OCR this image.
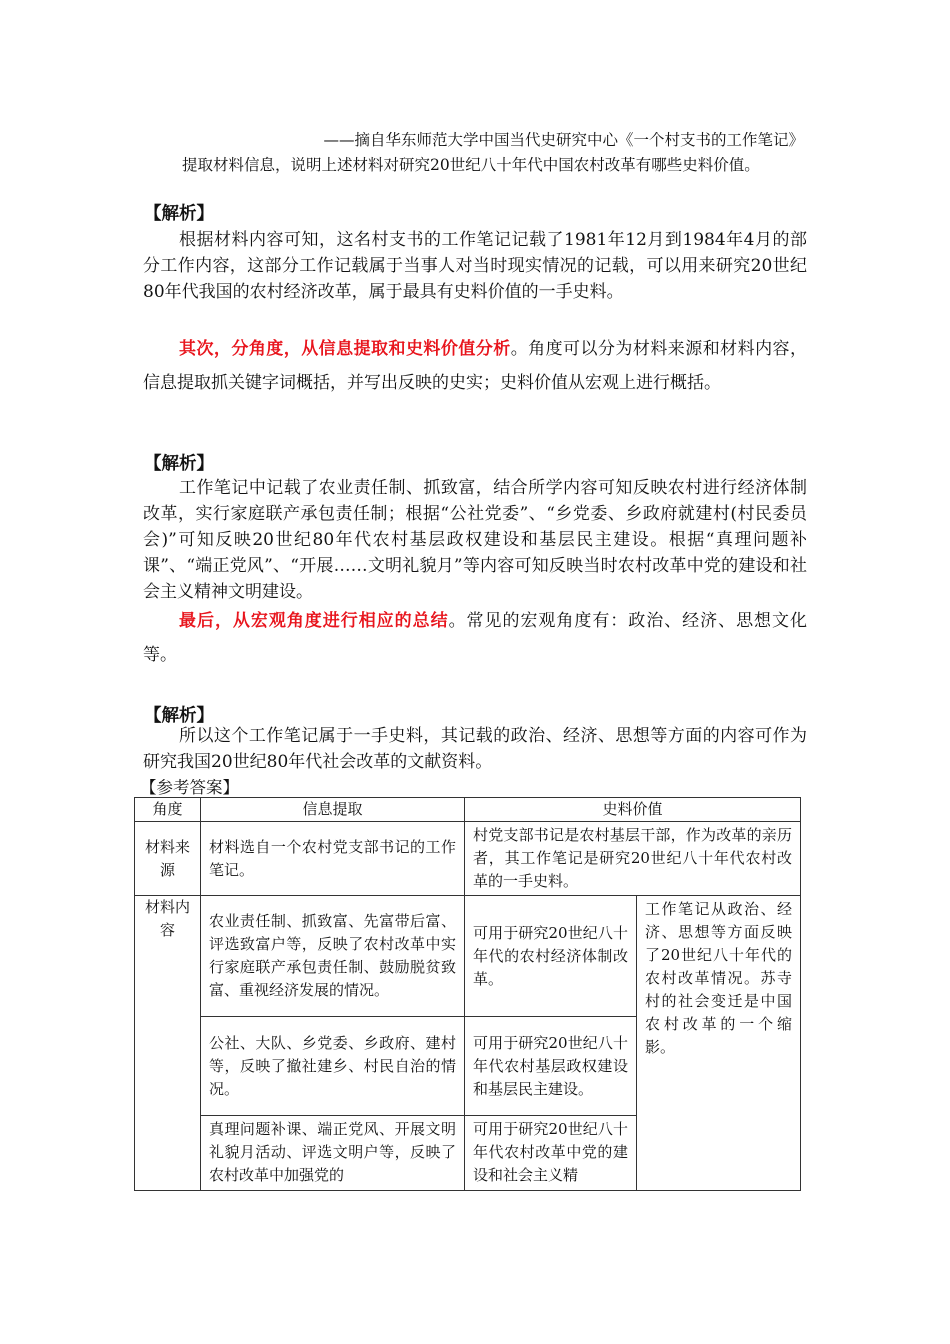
——摘自华东师范大学中国当代史研究中心《一个村支书的工作笔记》
提取材料信息，说明上述材料对研究20世纪八十年代中国农村改革有哪些史料价值。
【解析】

根据材料内容可知，这名村支书的工作笔记记载了1981年12月到1984年4月的部分工作内容，这部分工作记载属于当事人对当时现实情况的记载，可以用来研究20世纪80年代我国的农村经济改革，属于最具有史料价值的一手史料。

其次，分角度，从信息提取和史料价值分析。角度可以分为材料来源和材料内容，信息提取抓关键字词概括，并写出反映的史实；史料价值从宏观上进行概括。

【解析】

工作笔记中记载了农业责任制、抓致富，结合所学内容可知反映农村进行经济体制改革，实行家庭联产承包责任制；根据“公社党委”、“乡党委、乡政府就建村(村民委员会)”可知反映20世纪80年代农村基层政权建设和基层民主建设。根据“真理问题补课”、“端正党风”、“开展……文明礼貌月”等内容可知反映当时农村改革中党的建设和社会主义精神文明建设。

最后，从宏观角度进行相应的总结。常见的宏观角度有：政治、经济、思想文化等。

【解析】

所以这个工作笔记属于一手史料，其记载的政治、经济、思想等方面的内容可作为研究我国20世纪80年代社会改革的文献资料。

【参考答案】
角度	信息提取	史料价值	
材料来源	材料选自一个农村党支部书记的工作笔记。	村党支部书记是农村基层干部，作为改革的亲历者，其工作笔记是研究20世纪八十年代农村改革的一手史料。	
材料内容	农业责任制、抓致富、先富带后富、评选致富户等，反映了农村改革中实行家庭联产承包责任制、鼓励脱贫致富、重视经济发展的情况。	可用于研究20世纪八十年代的农村经济体制改革。	工作笔记从政治、经济、思想等方面反映了20世纪八十年代的农村改革情况。苏寺村的社会变迁是中国农村改革的一个缩影。
	公社、大队、乡党委、乡政府、建村等，反映了撤社建乡、村民自治的情况。	可用于研究20世纪八十年代农村基层政权建设和基层民主建设。	
	真理问题补课、端正党风、开展文明礼貌月活动、评选文明户等，反映了农村改革中加强党的	可用于研究20世纪八十年代农村改革中党的建设和社会主义精	
